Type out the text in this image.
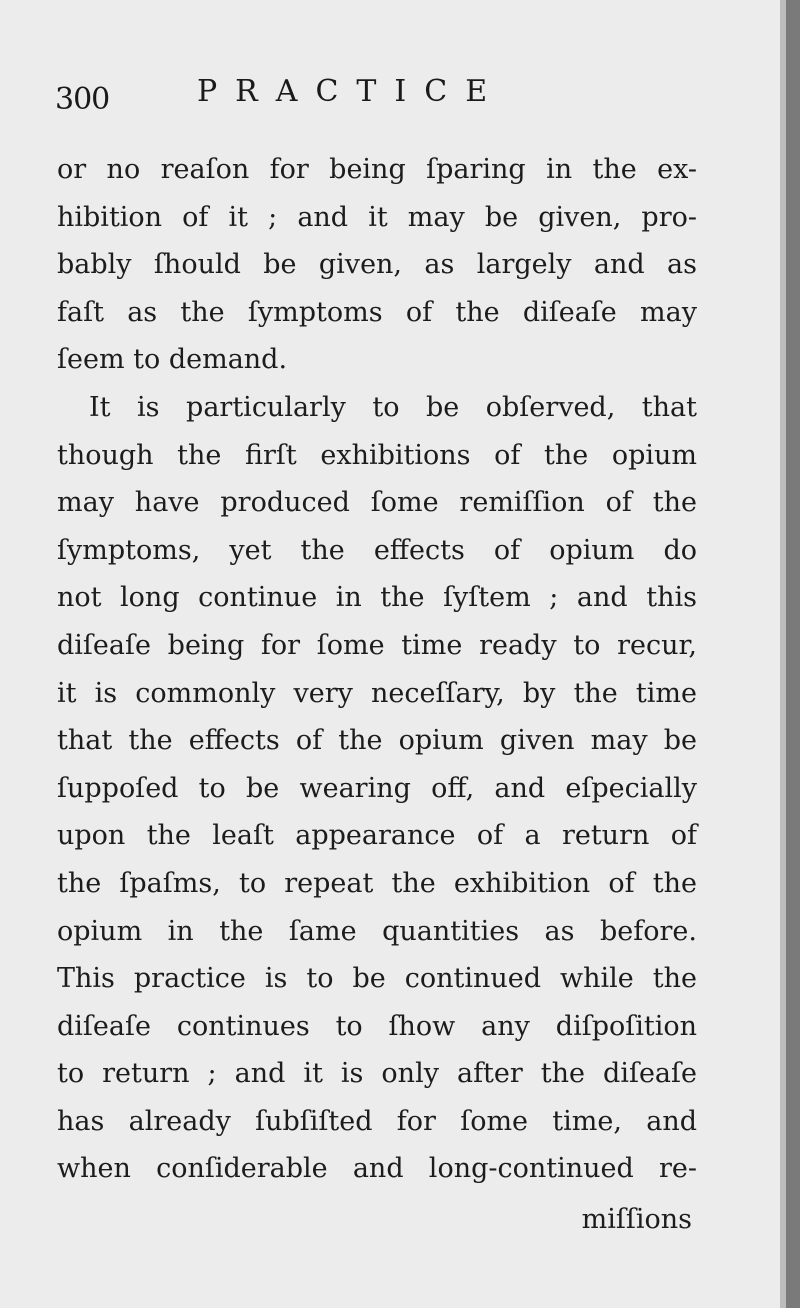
300	PRACTICE
or no reaſon for being ſparing in the ex-
hibition of it ; and it may be given, pro-
bably ſhould be given, as largely and as
faſt as the ſymptoms of the diſeaſe may
ſeem to demand.
It is particularly to be obſerved, that
though the firſt exhibitions of the opium
may have produced ſome remiſſion of the
ſymptoms, yet the effects of opium do
not long continue in the ſyſtem ; and this
diſeaſe being for ſome time ready to recur,
it is commonly very neceſſary, by the time
that the effects of the opium given may be
ſuppoſed to be wearing off, and eſpecially
upon the leaſt appearance of a return of
the ſpaſms, to repeat the exhibition of the
opium in the ſame quantities as before.
This practice is to be continued while the
diſeaſe continues to ſhow any diſpoſition
to return ; and it is only after the diſeaſe
has already ſubſiſted for ſome time, and
when conſiderable and long-continued re-
miſſions
